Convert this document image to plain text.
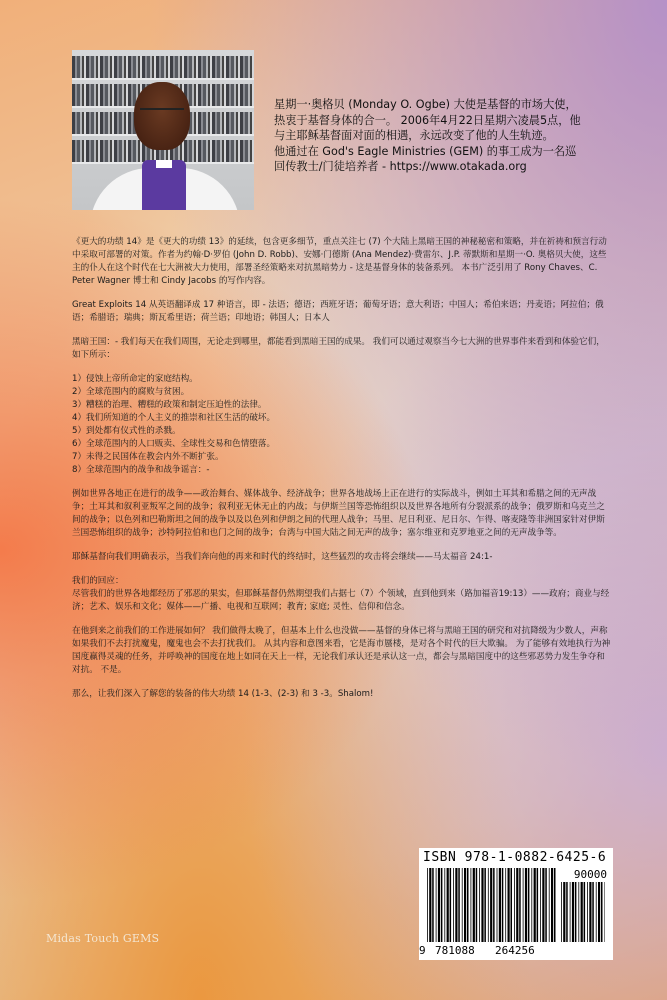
星期一·奥格贝 (Monday O. Ogbe) 大使是基督的市场大使，

热衷于基督身体的合一。 2006年4月22日星期六凌晨5点，他

与主耶稣基督面对面的相遇，永远改变了他的人生轨迹。

他通过在 God's Eagle Ministries (GEM) 的事工成为一名巡

回传教士/门徒培养者 - https://www.otakada.org

《更大的功绩 14》是《更大的功绩 13》的延续，包含更多细节，重点关注七 (7) 个大陆上黑暗王国的神秘秘密和策略，并在祈祷和预言行动中采取可部署的对策。作者为约翰·D·罗伯 (John D. Robb)、安娜·门德斯 (Ana Mendez)·费雷尔、J.P. 蒂默斯和星期一·O. 奥格贝大使，这些主的仆人在这个时代在七大洲被大力使用，部署圣经策略来对抗黑暗势力 - 这是基督身体的装备系列。 本书广泛引用了 Rony Chaves、C. Peter Wagner 博士和 Cindy Jacobs 的写作内容。

Great Exploits 14 从英语翻译成 17 种语言，即 - 法语；德语；西班牙语；葡萄牙语；意大利语；中国人；希伯来语；丹麦语；阿拉伯；俄语；希腊语；瑞典；斯瓦希里语；荷兰语；印地语；韩国人；日本人

黑暗王国：- 我们每天在我们周围，无论走到哪里，都能看到黑暗王国的成果。 我们可以通过观察当今七大洲的世界事件来看到和体验它们，如下所示：

1）侵蚀上帝所命定的家庭结构。
2）全球范围内的腐败与贫困。
3）糟糕的治理、糟糕的政策和制定压迫性的法律。
4）我们所知道的个人主义的推崇和社区生活的破坏。
5）到处都有仪式性的杀戮。
6）全球范围内的人口贩卖、全球性交易和色情堕落。
7）未得之民国体在教会内外不断扩张。
8）全球范围内的战争和战争谣言：-

例如世界各地正在进行的战争——政治舞台、媒体战争、经济战争；世界各地战场上正在进行的实际战斗，例如土耳其和希腊之间的无声战争；土耳其和叙利亚叛军之间的战争；叙利亚无休无止的内战；与伊斯兰国等恐怖组织以及世界各地所有分裂派系的战争；俄罗斯和乌克兰之间的战争；以色列和巴勒斯坦之间的战争以及以色列和伊朗之间的代理人战争；马里、尼日利亚、尼日尔、乍得、喀麦隆等非洲国家针对伊斯兰国恐怖组织的战争；沙特阿拉伯和也门之间的战争；台湾与中国大陆之间无声的战争；塞尔维亚和克罗地亚之间的无声战争等。

耶稣基督向我们明确表示，当我们奔向他的再来和时代的终结时，这些猛烈的攻击将会继续——马太福音 24:1-

我们的回应：

尽管我们的世界各地都经历了邪恶的果实，但耶稣基督仍然期望我们占据七（7）个领域，直到他到来（路加福音19:13）——政府；商业与经济；艺术、娱乐和文化；媒体——广播、电视和互联网；教育; 家庭; 灵性、信仰和信念。

在他到来之前我们的工作进展如何？ 我们做得太晚了，但基本上什么也没做——基督的身体已将与黑暗王国的研究和对抗降级为少数人，声称如果我们不去打扰魔鬼，魔鬼也会不去打扰我们。 从其内容和意图来看，它是海市蜃楼，是对各个时代的巨大欺骗。 为了能够有效地执行为神国度赢得灵魂的任务，并呼唤神的国度在地上如同在天上一样，无论我们承认还是承认这一点，都会与黑暗国度中的这些邪恶势力发生争夺和对抗。 不是。

那么，让我们深入了解您的装备的伟大功绩 14 (1-3、(2-3) 和 3 -3。Shalom!

Midas Touch GEMS
ISBN 978-1-0882-6425-6
90000
9 781088 264256
